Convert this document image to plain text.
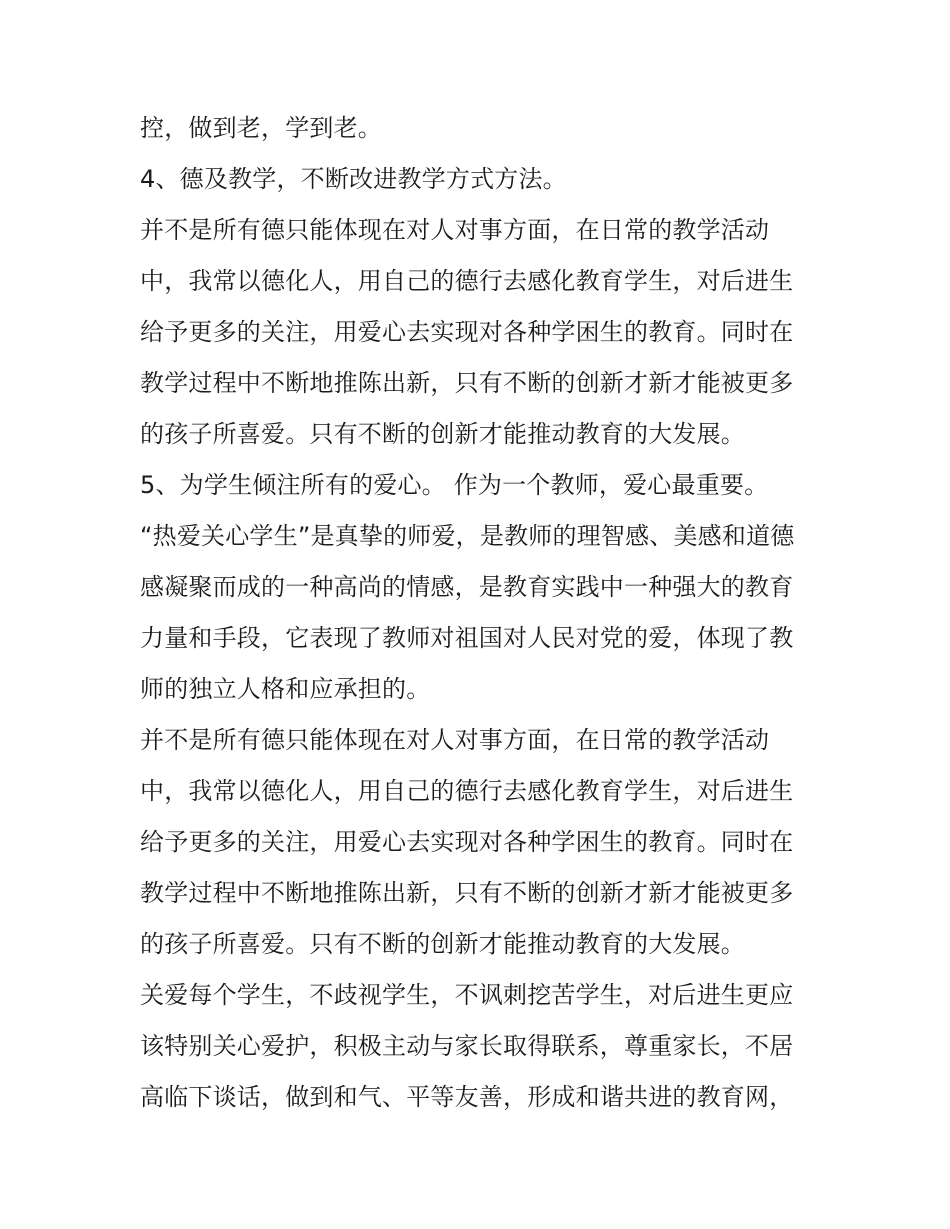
控，做到老，学到老。
4、德及教学，不断改进教学方式方法。
并不是所有德只能体现在对人对事方面，在日常的教学活动
中，我常以德化人，用自己的德行去感化教育学生，对后进生
给予更多的关注，用爱心去实现对各种学困生的教育。同时在
教学过程中不断地推陈出新，只有不断的创新才新才能被更多
的孩子所喜爱。只有不断的创新才能推动教育的大发展。
5、为学生倾注所有的爱心。 作为一个教师，爱心最重要。
“热爱关心学生”是真挚的师爱，是教师的理智感、美感和道德
感凝聚而成的一种高尚的情感，是教育实践中一种强大的教育
力量和手段，它表现了教师对祖国对人民对党的爱，体现了教
师的独立人格和应承担的。
并不是所有德只能体现在对人对事方面，在日常的教学活动
中，我常以德化人，用自己的德行去感化教育学生，对后进生
给予更多的关注，用爱心去实现对各种学困生的教育。同时在
教学过程中不断地推陈出新，只有不断的创新才新才能被更多
的孩子所喜爱。只有不断的创新才能推动教育的大发展。
关爱每个学生，不歧视学生，不讽刺挖苦学生，对后进生更应
该特别关心爱护，积极主动与家长取得联系，尊重家长，不居
高临下谈话，做到和气、平等友善，形成和谐共进的教育网，
